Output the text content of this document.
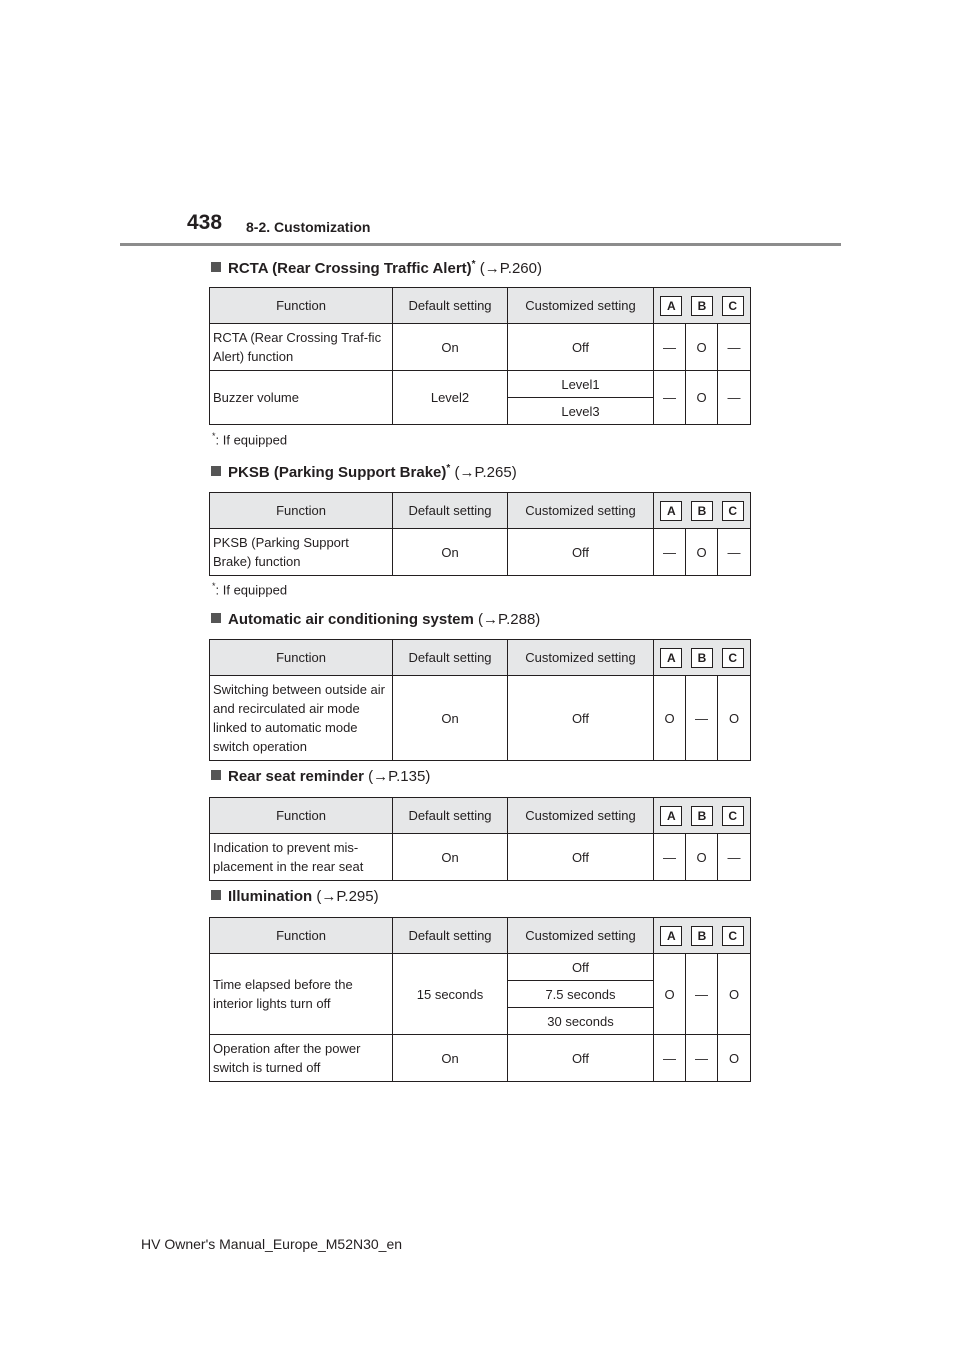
438 8-2. Customization
RCTA (Rear Crossing Traffic Alert)* (→P.260)
Function	Default setting	Customized setting	A B C		

RCTA (Rear Crossing Traf-fic Alert) function	On	Off	—	O	—
Buzzer volume	Level2	Level1	—	O	—
		Level3			
*: If equipped
PKSB (Parking Support Brake)* (→P.265)
Function	Default setting	Customized setting	A B C		

PKSB (Parking Support Brake) function	On	Off	—	O	—
*: If equipped
Automatic air conditioning system (→P.288)
Function	Default setting	Customized setting	A B C		

Switching between outside air and recirculated air mode linked to automatic mode switch operation	On	Off	O	—	O
Rear seat reminder (→P.135)
Function	Default setting	Customized setting	A B C		

Indication to prevent mis-placement in the rear seat	On	Off	—	O	—
Illumination (→P.295)
Function	Default setting	Customized setting	A B C		

Time elapsed before the interior lights turn off	15 seconds	Off	O	—	O
		7.5 seconds			
		30 seconds			
Operation after the power switch is turned off	On	Off	—	—	O
HV Owner's Manual_Europe_M52N30_en
